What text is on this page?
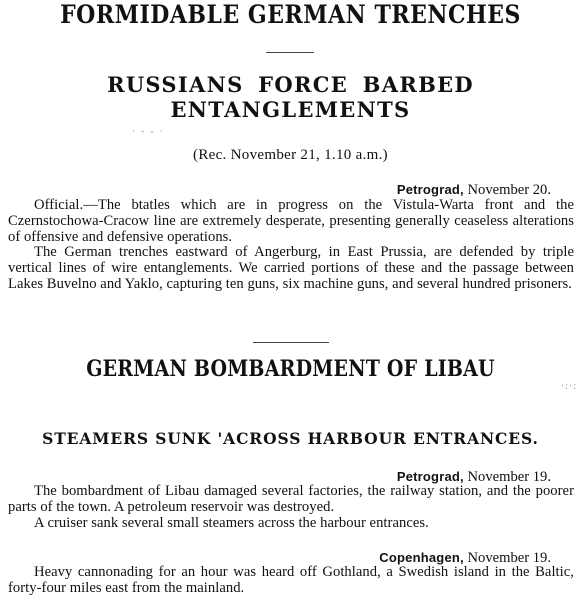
FORMIDABLE GERMAN TRENCHES
RUSSIANS FORCE BARBED ENTANGLEMENTS
· - - ·
(Rec. November 21, 1.10 a.m.)
Petrograd, November 20.

Official.—The btatles which are in progress on the Vistula-Warta front and the Czernstochowa-Cracow line are extremely desperate, presenting generally ceaseless alterations of offensive and defensive operations.

The German trenches eastward of Angerburg, in East Prussia, are defended by triple vertical lines of wire entanglements. We carried portions of these and the passage between Lakes Buvelno and Yaklo, capturing ten guns, six machine guns, and several hundred prisoners.

GERMAN BOMBARDMENT OF LIBAU
·:·:
STEAMERS SUNK 'ACROSS HARBOUR ENTRANCES.
Petrograd, November 19.

The bombardment of Libau damaged several factories, the railway station, and the poorer parts of the town. A petroleum reservoir was destroyed.

A cruiser sank several small steamers across the harbour entrances.

Copenhagen, November 19.

Heavy cannonading for an hour was heard off Gothland, a Swedish island in the Baltic, forty-four miles east from the mainland.
